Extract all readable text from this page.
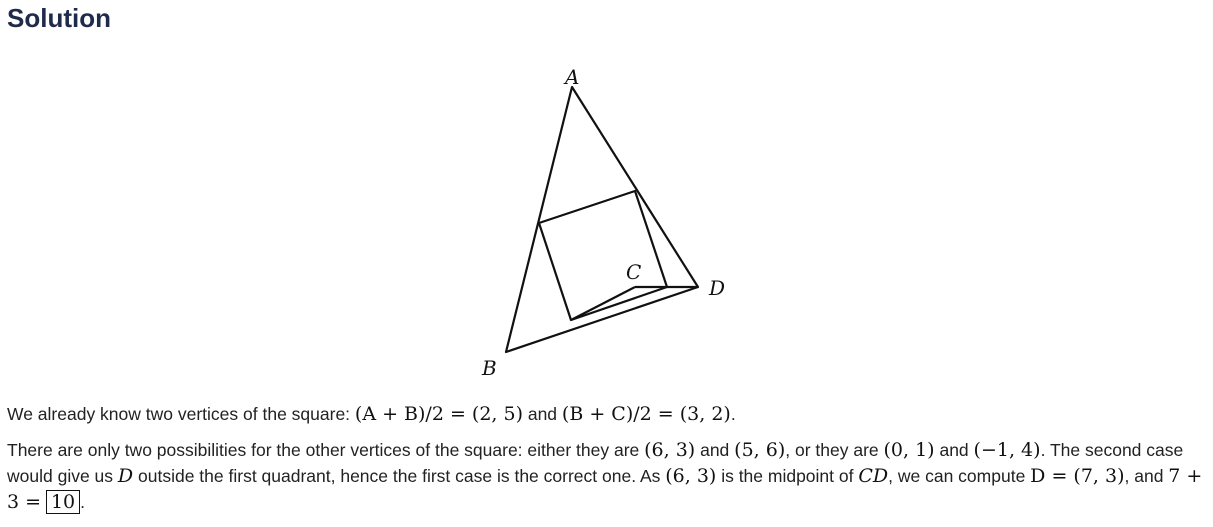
Solution
A
B
C
D

We already know two vertices of the square: (A + B)/2 = (2, 5) and (B + C)/2 = (3, 2).

There are only two possibilities for the other vertices of the square: either they are (6, 3) and (5, 6), or they are (0, 1) and (−1, 4). The second case would give us D outside the first quadrant, hence the first case is the correct one. As (6, 3) is the midpoint of CD, we can compute D = (7, 3), and 7 + 3 = 10 .
